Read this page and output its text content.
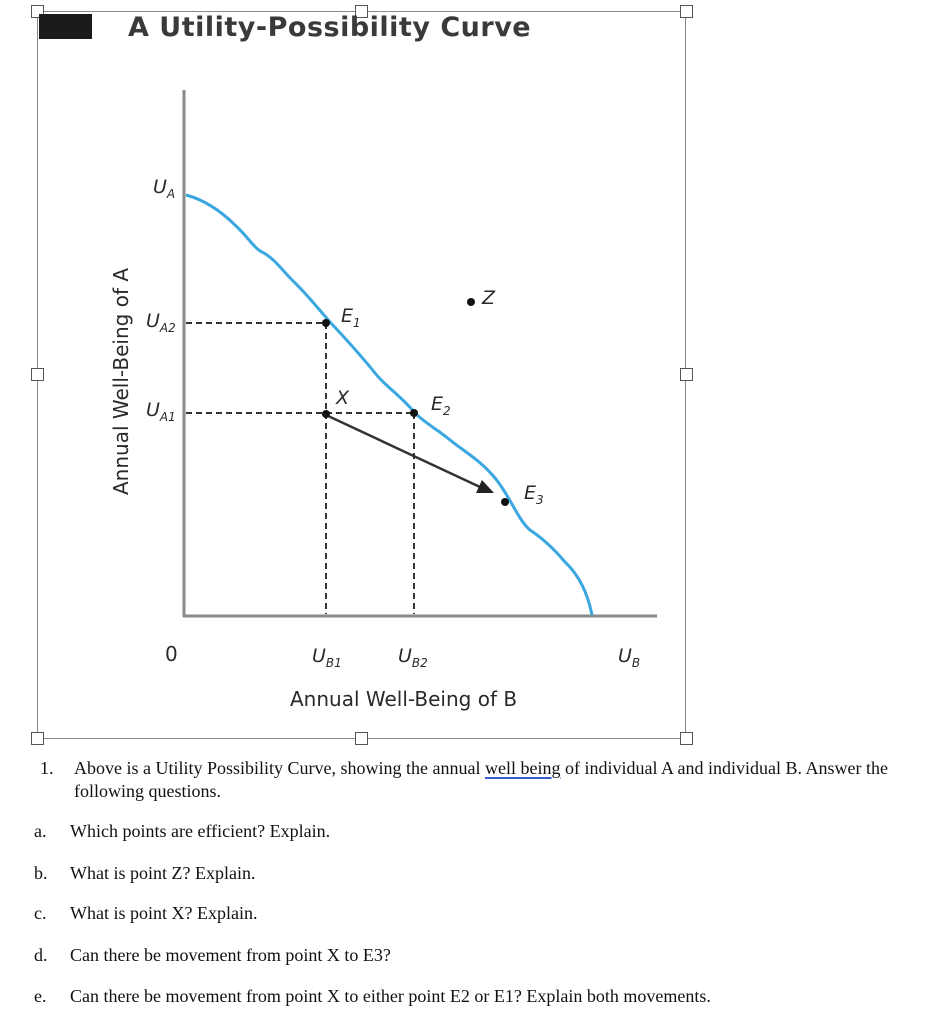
A Utility-Possibility Curve
$E_1$
$E_2$
$E_3$
X
Z
$U_A$
$U_{A2}$
$U_{A1}$
0	$U_{B1}$	$U_{B2}$	$U_B$
Annual Well-Being of B
Annual Well-Being of A
1. Above is a Utility Possibility Curve, showing the annual well being of individual A and individual B. Answer the following questions.
a. Which points are efficient? Explain.
b. What is point Z? Explain.
c. What is point X? Explain.
d. Can there be movement from point X to E3?
e. Can there be movement from point X to either point E2 or E1? Explain both movements.
